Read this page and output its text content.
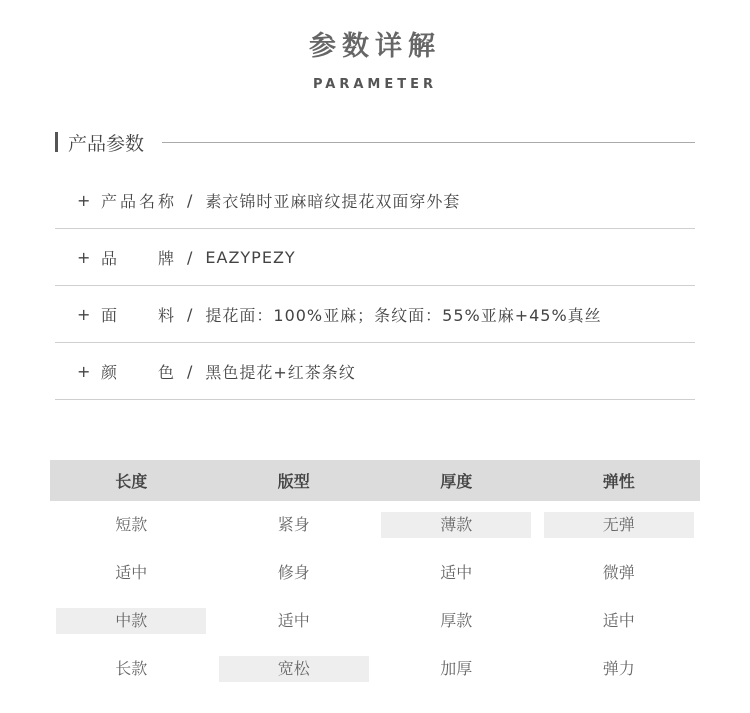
参数详解
PARAMETER
产品参数
+ 产 品 名 称 / 素衣锦时亚麻暗纹提花双面穿外套
+ 品 牌 / EAZYPEZY
+ 面 料 / 提花面：100%亚麻；条纹面：55%亚麻+45%真丝
+ 颜 色 / 黑色提花+红茶条纹
长度	版型	厚度	弹性
短款	紧身	薄款	无弹
适中	修身	适中	微弹
中款	适中	厚款	适中
长款	宽松	加厚	弹力
